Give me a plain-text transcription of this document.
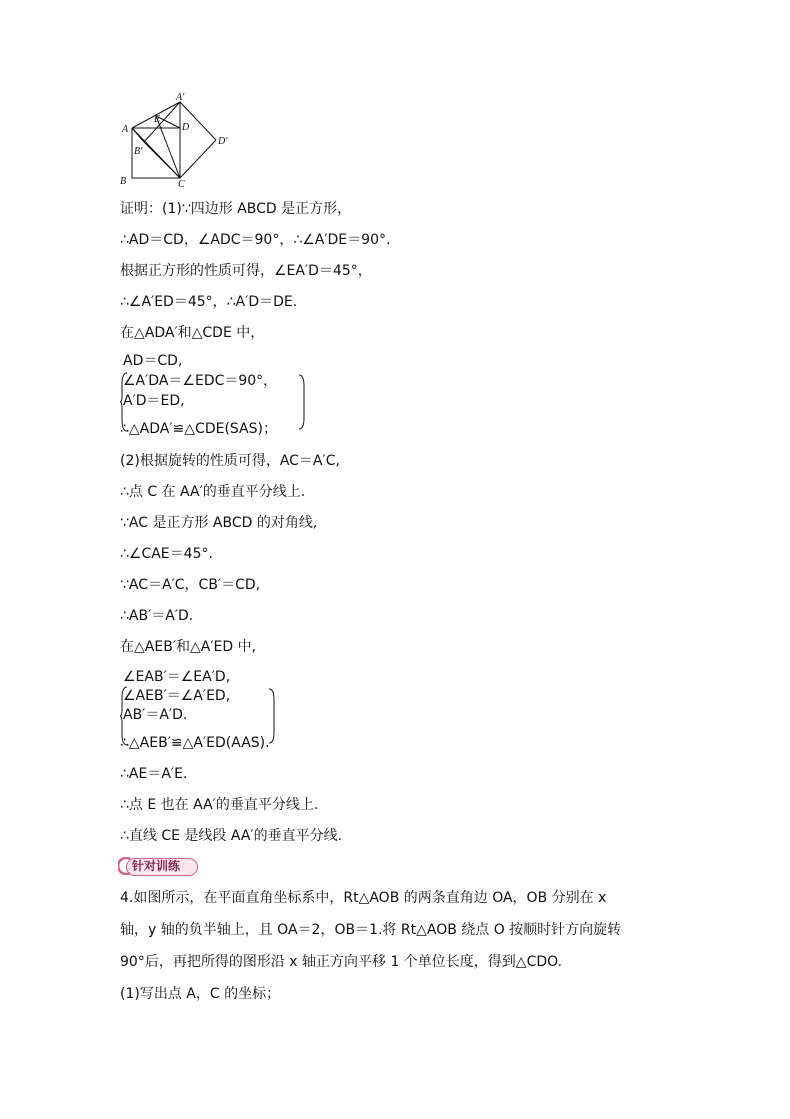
A′
A
E
D
D′
B′
B	C
证明：(1)∵四边形 ABCD 是正方形，
∴AD＝CD，∠ADC＝90°，∴∠A′DE＝90°.
根据正方形的性质可得，∠EA′D＝45°，
∴∠A′ED＝45°，∴A′D＝DE.
在△ADA′和△CDE 中，
AD＝CD,
∠A′DA＝∠EDC＝90°，
A′D＝ED,
∴△ADA′≌△CDE(SAS)；
(2)根据旋转的性质可得，AC＝A′C,
∴点 C 在 AA′的垂直平分线上.
∵AC 是正方形 ABCD 的对角线,
∴∠CAE＝45°.
∵AC＝A′C，CB′＝CD,
∴AB′＝A′D.
在△AEB′和△A′ED 中,
∠EAB′＝∠EA′D,
∠AEB′＝∠A′ED,
AB′＝A′D.
∴△AEB′≌△A′ED(AAS).
∴AE＝A′E.
∴点 E 也在 AA′的垂直平分线上.
∴直线 CE 是线段 AA′的垂直平分线.
针对训练
4.如图所示，在平面直角坐标系中，Rt△AOB 的两条直角边 OA，OB 分别在 x
轴，y 轴的负半轴上，且 OA＝2，OB＝1.将 Rt△AOB 绕点 O 按顺时针方向旋转
90°后，再把所得的图形沿 x 轴正方向平移 1 个单位长度，得到△CDO.
(1)写出点 A，C 的坐标；
